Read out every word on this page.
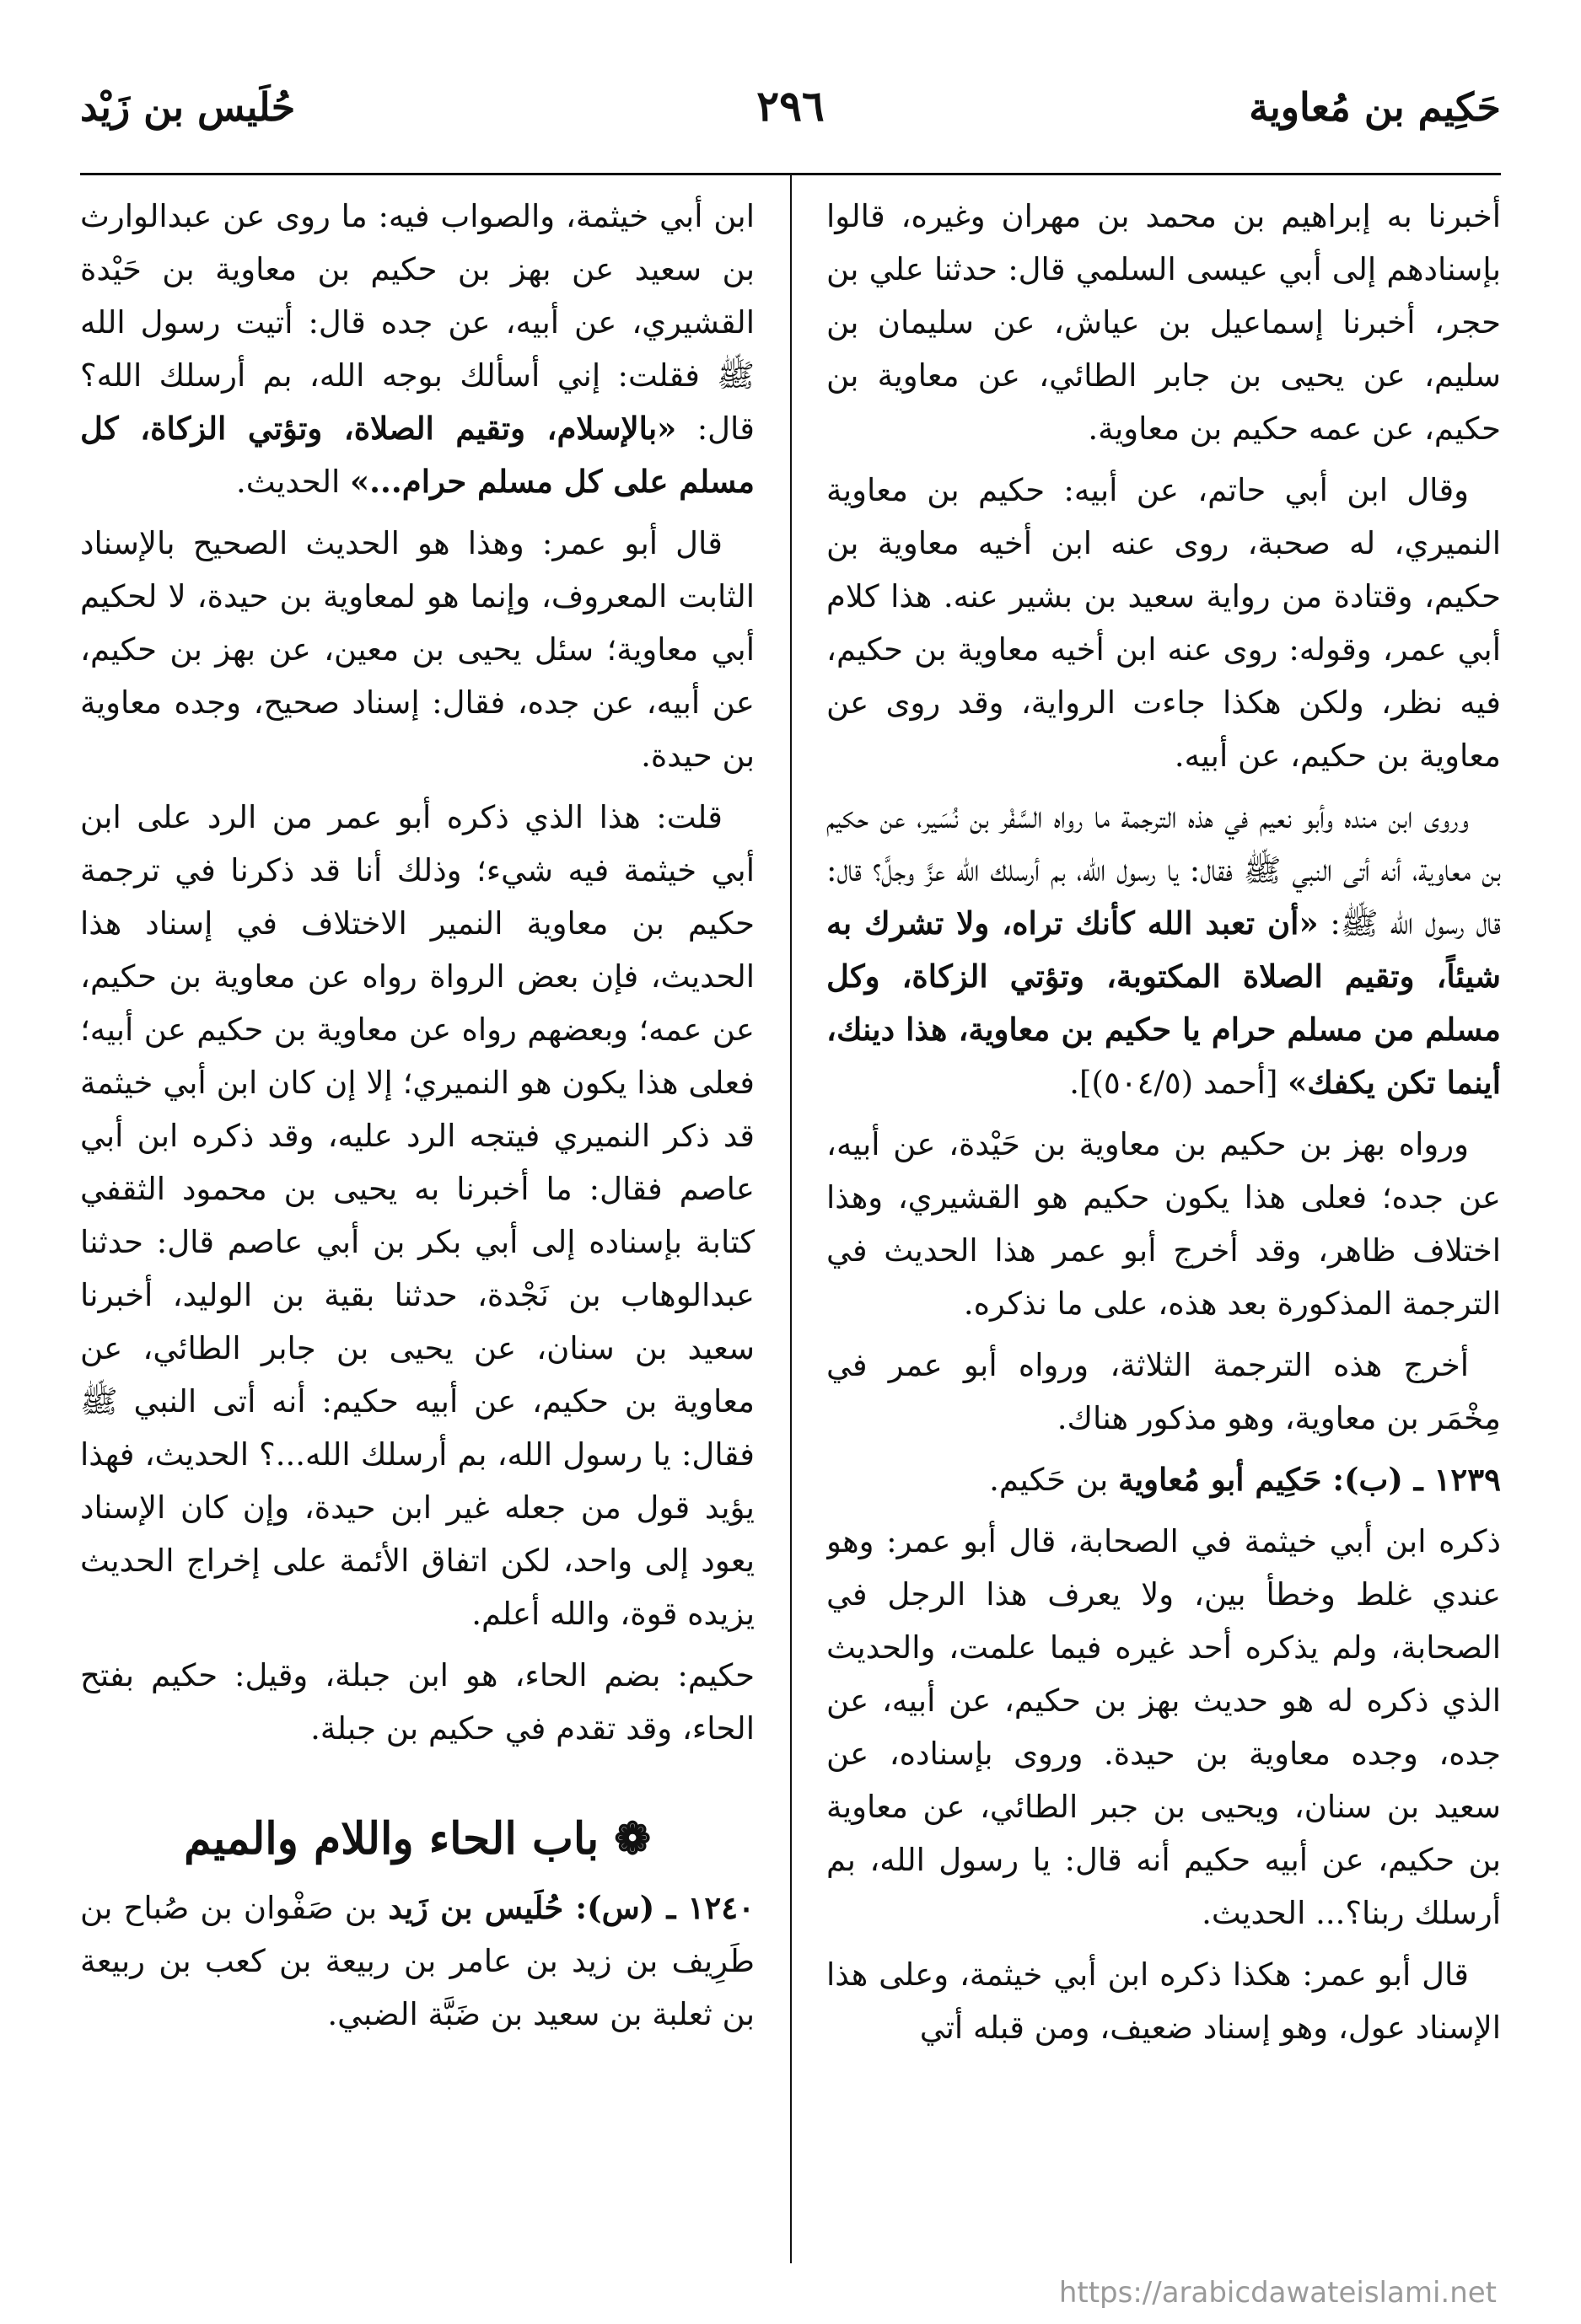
حَكِيم بن مُعاوية
٢٩٦
حُلَيس بن زَيْد

أخبرنا به إبراهيم بن محمد بن مهران وغيره، قالوا بإسنادهم إلى أبي عيسى السلمي قال: حدثنا علي بن حجر، أخبرنا إسماعيل بن عياش، عن سليمان بن سليم، عن يحيى بن جابر الطائي، عن معاوية بن حكيم، عن عمه حكيم بن معاوية.

وقال ابن أبي حاتم، عن أبيه: حكيم بن معاوية النميري، له صحبة، روى عنه ابن أخيه معاوية بن حكيم، وقتادة من رواية سعيد بن بشير عنه. هذا كلام أبي عمر، وقوله: روى عنه ابن أخيه معاوية بن حكيم، فيه نظر، ولكن هكذا جاءت الرواية، وقد روى عن معاوية بن حكيم، عن أبيه.

وروى ابن منده وأبو نعيم في هذه الترجمة ما رواه السَّفْر بن نُسَير، عن حكيم بن معاوية، أنه أتى النبي ﷺ فقال: يا رسول الله، بم أرسلك الله عزَّ وجلَّ؟ قال: قال رسول الله ﷺ: «أن تعبد الله كأنك تراه، ولا تشرك به شيئاً، وتقيم الصلاة المكتوبة، وتؤتي الزكاة، وكل مسلم من مسلم حرام يا حكيم بن معاوية، هذا دينك، أينما تكن يكفك» [أحمد (٥٠٤/٥)].

ورواه بهز بن حكيم بن معاوية بن حَيْدة، عن أبيه، عن جده؛ فعلى هذا يكون حكيم هو القشيري، وهذا اختلاف ظاهر، وقد أخرج أبو عمر هذا الحديث في الترجمة المذكورة بعد هذه، على ما نذكره.

أخرج هذه الترجمة الثلاثة، ورواه أبو عمر في مِخْمَر بن معاوية، وهو مذكور هناك.

١٢٣٩ ـ (ب): حَكِيم أبو مُعاوية بن حَكيم.

ذكره ابن أبي خيثمة في الصحابة، قال أبو عمر: وهو عندي غلط وخطأ بين، ولا يعرف هذا الرجل في الصحابة، ولم يذكره أحد غيره فيما علمت، والحديث الذي ذكره له هو حديث بهز بن حكيم، عن أبيه، عن جده، وجده معاوية بن حيدة. وروى بإسناده، عن سعيد بن سنان، ويحيى بن جبر الطائي، عن معاوية بن حكيم، عن أبيه حكيم أنه قال: يا رسول الله، بم أرسلك ربنا؟... الحديث.

قال أبو عمر: هكذا ذكره ابن أبي خيثمة، وعلى هذا الإسناد عول، وهو إسناد ضعيف، ومن قبله أتي

ابن أبي خيثمة، والصواب فيه: ما روى عن عبدالوارث بن سعيد عن بهز بن حكيم بن معاوية بن حَيْدة القشيري، عن أبيه، عن جده قال: أتيت رسول الله ﷺ فقلت: إني أسألك بوجه الله، بم أرسلك الله؟ قال: «بالإسلام، وتقيم الصلاة، وتؤتي الزكاة، كل مسلم على كل مسلم حرام...» الحديث.

قال أبو عمر: وهذا هو الحديث الصحيح بالإسناد الثابت المعروف، وإنما هو لمعاوية بن حيدة، لا لحكيم أبي معاوية؛ سئل يحيى بن معين، عن بهز بن حكيم، عن أبيه، عن جده، فقال: إسناد صحيح، وجده معاوية بن حيدة.

قلت: هذا الذي ذكره أبو عمر من الرد على ابن أبي خيثمة فيه شيء؛ وذلك أنا قد ذكرنا في ترجمة حكيم بن معاوية النمير الاختلاف في إسناد هذا الحديث، فإن بعض الرواة رواه عن معاوية بن حكيم، عن عمه؛ وبعضهم رواه عن معاوية بن حكيم عن أبيه؛ فعلى هذا يكون هو النميري؛ إلا إن كان ابن أبي خيثمة قد ذكر النميري فيتجه الرد عليه، وقد ذكره ابن أبي عاصم فقال: ما أخبرنا به يحيى بن محمود الثقفي كتابة بإسناده إلى أبي بكر بن أبي عاصم قال: حدثنا عبدالوهاب بن نَجْدة، حدثنا بقية بن الوليد، أخبرنا سعيد بن سنان، عن يحيى بن جابر الطائي، عن معاوية بن حكيم، عن أبيه حكيم: أنه أتى النبي ﷺ فقال: يا رسول الله، بم أرسلك الله...؟ الحديث، فهذا يؤيد قول من جعله غير ابن حيدة، وإن كان الإسناد يعود إلى واحد، لكن اتفاق الأئمة على إخراج الحديث يزيده قوة، والله أعلم.

حكيم: بضم الحاء، هو ابن جبلة، وقيل: حكيم بفتح الحاء، وقد تقدم في حكيم بن جبلة.

❁ باب الحاء واللام والميم

١٢٤٠ ـ (س): حُلَيس بن زَيد بن صَفْوان بن صُباح بن طَرِيف بن زيد بن عامر بن ربيعة بن كعب بن ربيعة بن ثعلبة بن سعيد بن ضَبَّة الضبي.

https://arabicdawateislami.net
